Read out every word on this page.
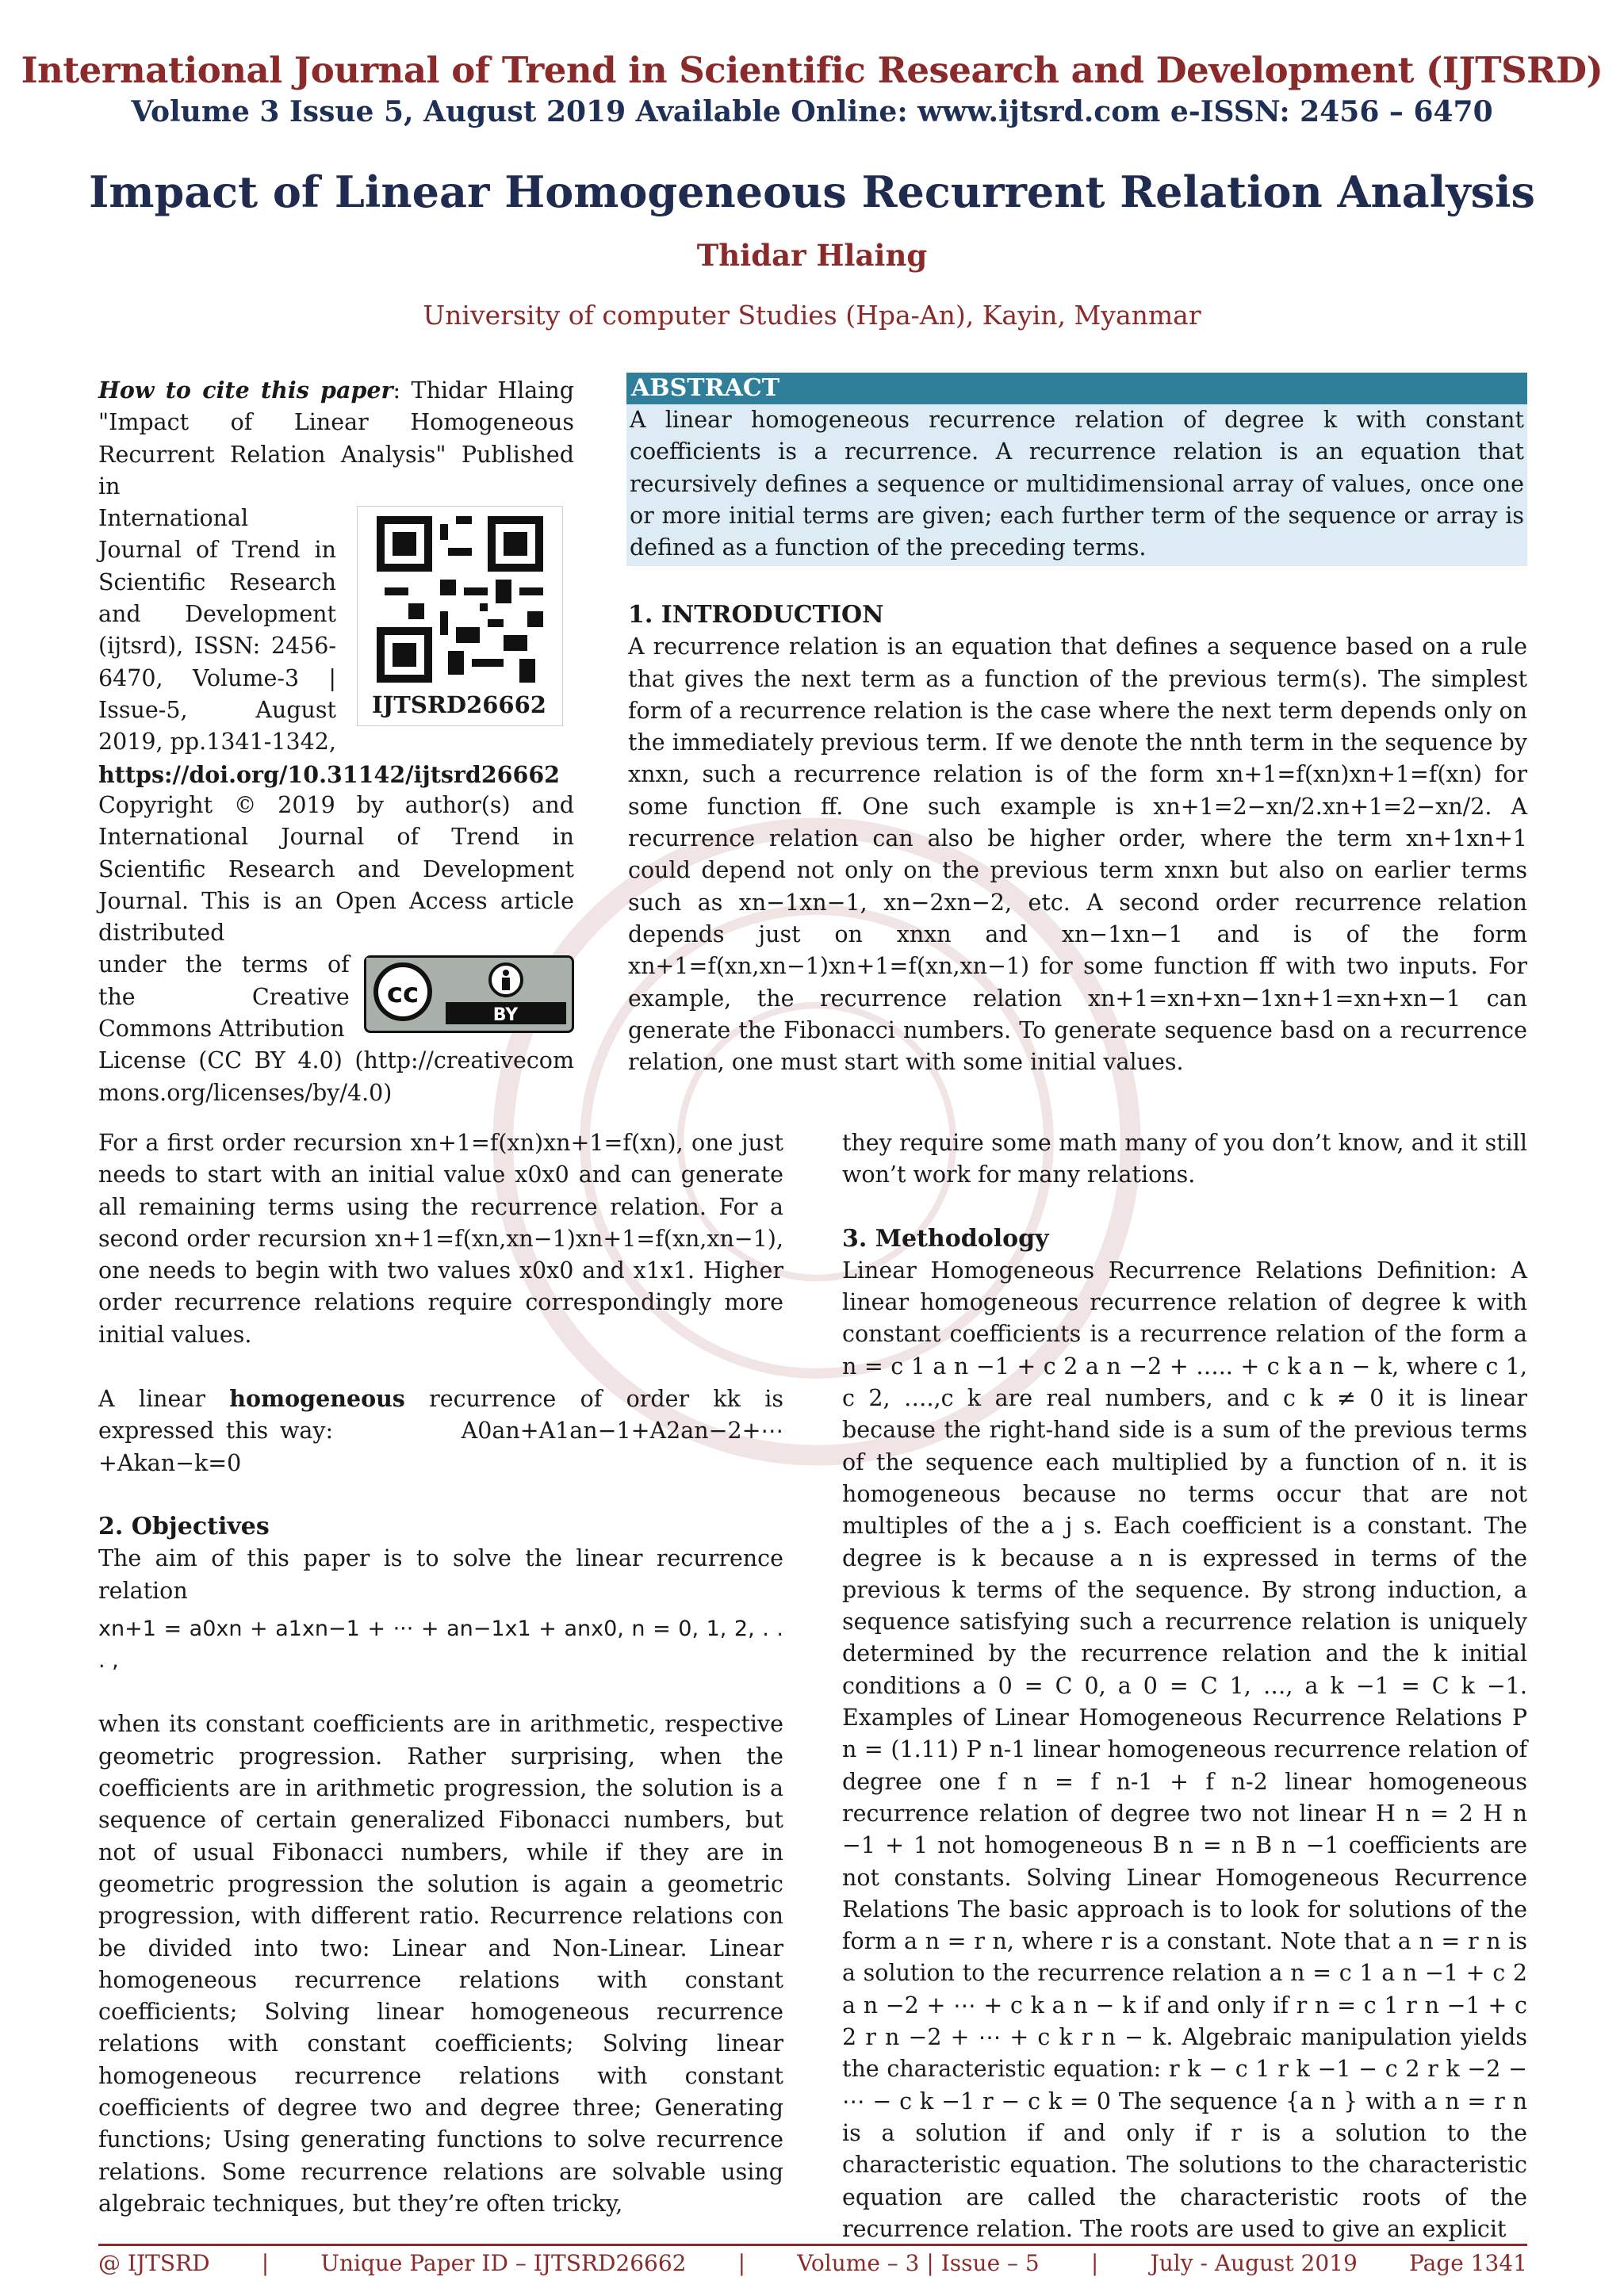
International Journal of Trend in Scientific Research and Development (IJTSRD)
Volume 3 Issue 5, August 2019 Available Online: www.ijtsrd.com e-ISSN: 2456 – 6470
Impact of Linear Homogeneous Recurrent Relation Analysis
Thidar Hlaing
University of computer Studies (Hpa-An), Kayin, Myanmar

How to cite this paper: Thidar Hlaing "Impact of Linear Homogeneous Recurrent Relation Analysis" Published in

International Journal of Trend in Scientific Research and Development (ijtsrd), ISSN: 2456-6470, Volume-3 | Issue-5, August 2019, pp.1341-1342,
IJTSRD26662

https://doi.org/10.31142/ijtsrd26662

Copyright © 2019 by author(s) and International Journal of Trend in Scientific Research and Development Journal. This is an Open Access article distributed

under the terms of the Creative Commons Attribution
cc
BY

License (CC BY 4.0) (http://creativecommons.org/licenses/by/4.0)

ABSTRACT
A linear homogeneous recurrence relation of degree k with constant coefficients is a recurrence. A recurrence relation is an equation that recursively defines a sequence or multidimensional array of values, once one or more initial terms are given; each further term of the sequence or array is defined as a function of the preceding terms.

1. INTRODUCTION

A recurrence relation is an equation that defines a sequence based on a rule that gives the next term as a function of the previous term(s). The simplest form of a recurrence relation is the case where the next term depends only on the immediately previous term. If we denote the nnth term in the sequence by xnxn, such a recurrence relation is of the form xn+1=f(xn)xn+1=f(xn) for some function ff. One such example is xn+1=2−xn/2.xn+1=2−xn/2. A recurrence relation can also be higher order, where the term xn+1xn+1 could depend not only on the previous term xnxn but also on earlier terms such as xn−1xn−1, xn−2xn−2, etc. A second order recurrence relation depends just on xnxn and xn−1xn−1 and is of the form xn+1=f(xn,xn−1)xn+1=f(xn,xn−1) for some function ff with two inputs. For example, the recurrence relation xn+1=xn+xn−1xn+1=xn+xn−1 can generate the Fibonacci numbers. To generate sequence basd on a recurrence relation, one must start with some initial values.

For a first order recursion xn+1=f(xn)xn+1=f(xn), one just needs to start with an initial value x0x0 and can generate all remaining terms using the recurrence relation. For a second order recursion xn+1=f(xn,xn−1)xn+1=f(xn,xn−1), one needs to begin with two values x0x0 and x1x1. Higher order recurrence relations require correspondingly more initial values.

A linear homogeneous recurrence of order kk is expressed this way:	A0an+A1an−1+A2an−2+⋯+Akan−k=0

2. Objectives

The aim of this paper is to solve the linear recurrence relation

xn+1 = a0xn + a1xn−1 + ··· + an−1x1 + anx0, n = 0, 1, 2, . . . ,

when its constant coefficients are in arithmetic, respective geometric progression. Rather surprising, when the coefficients are in arithmetic progression, the solution is a sequence of certain generalized Fibonacci numbers, but not of usual Fibonacci numbers, while if they are in geometric progression the solution is again a geometric progression, with different ratio. Recurrence relations con be divided into two: Linear and Non-Linear. Linear homogeneous recurrence relations with constant coefficients; Solving linear homogeneous recurrence relations with constant coefficients; Solving linear homogeneous recurrence relations with constant coefficients of degree two and degree three; Generating functions; Using generating functions to solve recurrence relations. Some recurrence relations are solvable using algebraic techniques, but they’re often tricky,

they require some math many of you don’t know, and it still won’t work for many relations.

3. Methodology

Linear Homogeneous Recurrence Relations Definition: A linear homogeneous recurrence relation of degree k with constant coefficients is a recurrence relation of the form a n = c 1 a n −1 + c 2 a n −2 + ….. + c k a n − k, where c 1, c 2, ….,c k are real numbers, and c k ≠ 0 it is linear because the right-hand side is a sum of the previous terms of the sequence each multiplied by a function of n. it is homogeneous because no terms occur that are not multiples of the a j s. Each coefficient is a constant. The degree is k because a n is expressed in terms of the previous k terms of the sequence. By strong induction, a sequence satisfying such a recurrence relation is uniquely determined by the recurrence relation and the k initial conditions a 0 = C 0, a 0 = C 1, …, a k −1 = C k −1. Examples of Linear Homogeneous Recurrence Relations P n = (1.11) P n-1 linear homogeneous recurrence relation of degree one f n = f n-1 + f n-2 linear homogeneous recurrence relation of degree two not linear H n = 2 H n −1 + 1 not homogeneous B n = n B n −1 coefficients are not constants. Solving Linear Homogeneous Recurrence Relations The basic approach is to look for solutions of the form a n = r n, where r is a constant. Note that a n = r n is a solution to the recurrence relation a n = c 1 a n −1 + c 2 a n −2 + ⋯ + c k a n − k if and only if r n = c 1 r n −1 + c 2 r n −2 + ⋯ + c k r n − k. Algebraic manipulation yields the characteristic equation: r k − c 1 r k −1 − c 2 r k −2 − ⋯ − c k −1 r − c k = 0 The sequence {a n } with a n = r n is a solution if and only if r is a solution to the characteristic equation. The solutions to the characteristic equation are called the characteristic roots of the recurrence relation. The roots are used to give an explicit

@ IJTSRD | Unique Paper ID – IJTSRD26662 | Volume – 3 | Issue – 5 | July - August 2019 Page 1341
